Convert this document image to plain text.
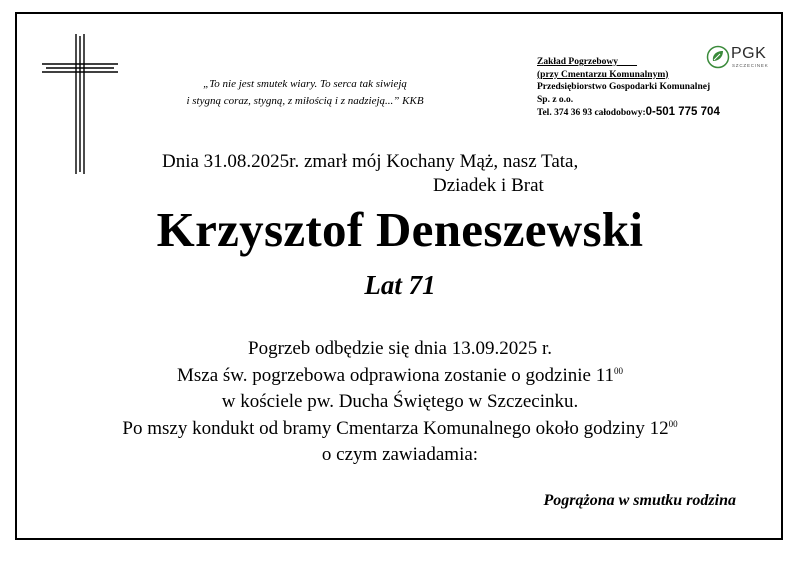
„To nie jest smutek wiary. To serca tak siwieją
i stygną coraz, stygną, z miłością i z nadzieją...” KKB
PGK
SZCZECINEK
Zakład Pogrzebowy
(przy Cmentarzu Komunalnym)
Przedsiębiorstwo Gospodarki Komunalnej
Sp. z o.o.
Tel. 374 36 93 całodobowy:0-501 775 704
Dnia 31.08.2025r. zmarł mój Kochany Mąż, nasz Tata,
Dziadek i Brat
Krzysztof Deneszewski
Lat 71
Pogrzeb odbędzie się dnia 13.09.2025 r.
Msza św. pogrzebowa odprawiona zostanie o godzinie $11^{00}$
w kościele pw. Ducha Świętego w Szczecinku.
Po mszy kondukt od bramy Cmentarza Komunalnego około godziny $12^{00}$
o czym zawiadamia:
Pogrążona w smutku rodzina
